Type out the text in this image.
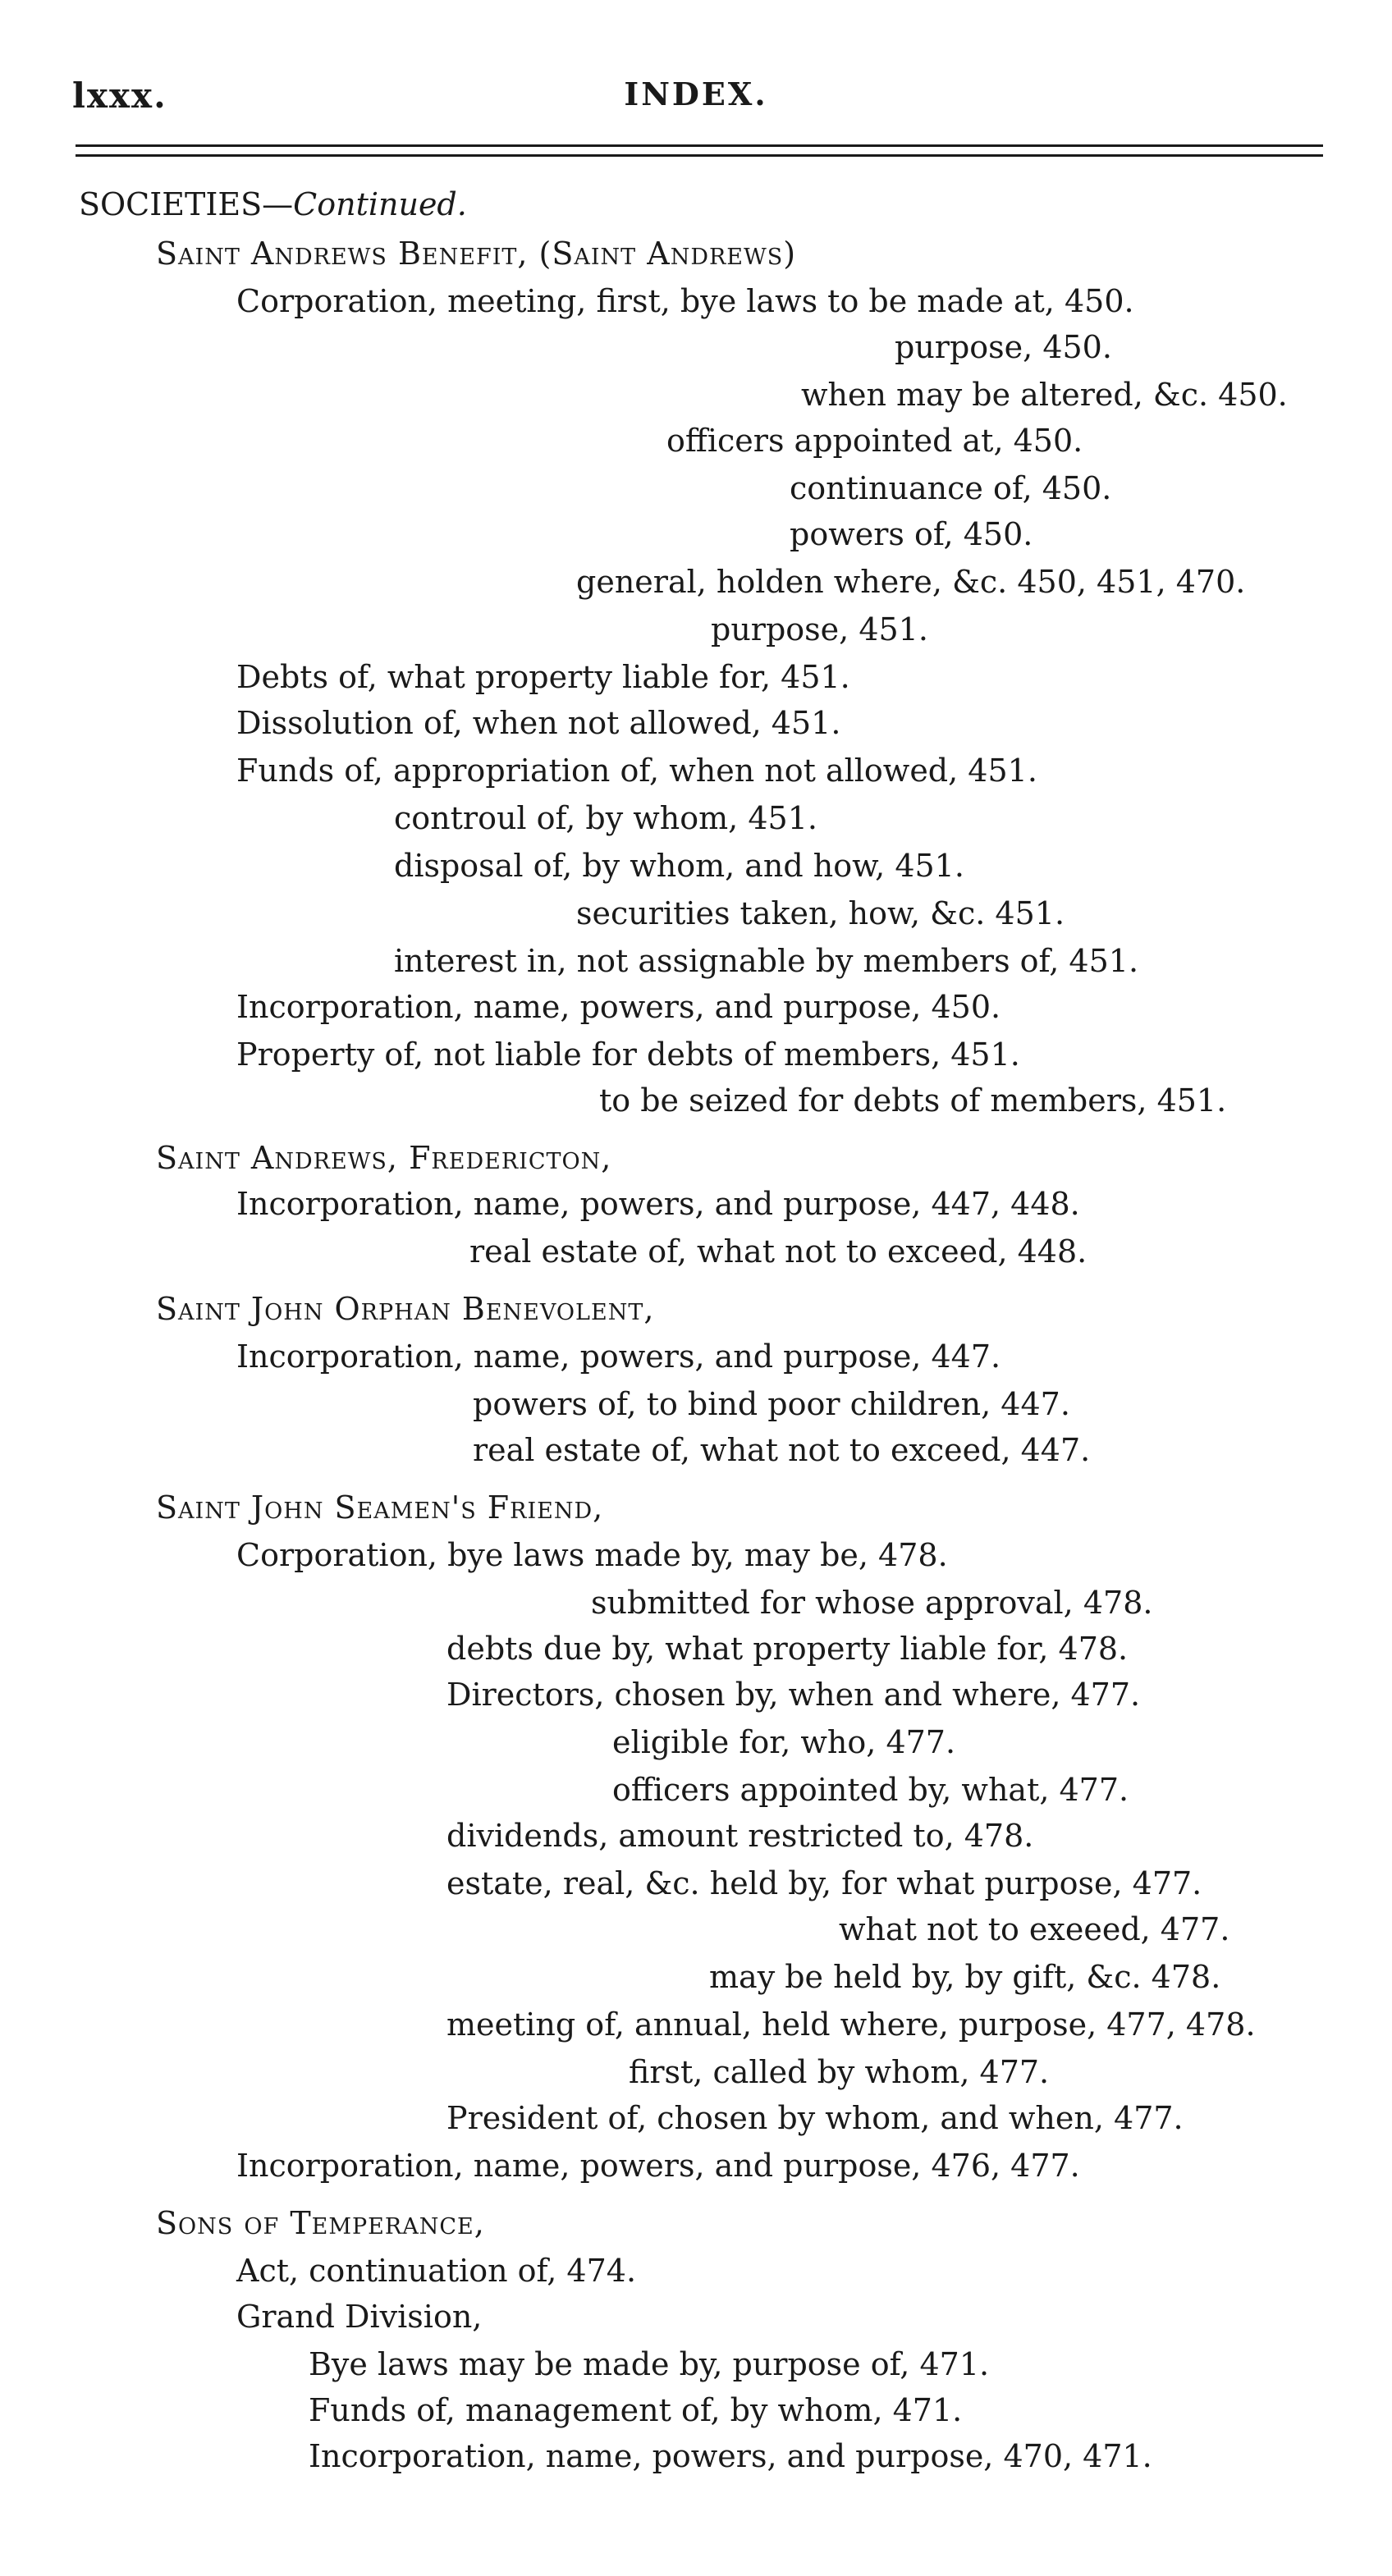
lxxx.	INDEX.
SOCIETIES—Continued.
Saint Andrews Benefit, (Saint Andrews)
Corporation, meeting, first, bye laws to be made at, 450.
purpose, 450.
when may be altered, &c. 450.
officers appointed at, 450.
continuance of, 450.
powers of, 450.
general, holden where, &c. 450, 451, 470.
purpose, 451.
Debts of, what property liable for, 451.
Dissolution of, when not allowed, 451.
Funds of, appropriation of, when not allowed, 451.
controul of, by whom, 451.
disposal of, by whom, and how, 451.
securities taken, how, &c. 451.
interest in, not assignable by members of, 451.
Incorporation, name, powers, and purpose, 450.
Property of, not liable for debts of members, 451.
to be seized for debts of members, 451.
Saint Andrews, Fredericton,
Incorporation, name, powers, and purpose, 447, 448.
real estate of, what not to exceed, 448.
Saint John Orphan Benevolent,
Incorporation, name, powers, and purpose, 447.
powers of, to bind poor children, 447.
real estate of, what not to exceed, 447.
Saint John Seamen's Friend,
Corporation, bye laws made by, may be, 478.
submitted for whose approval, 478.
debts due by, what property liable for, 478.
Directors, chosen by, when and where, 477.
eligible for, who, 477.
officers appointed by, what, 477.
dividends, amount restricted to, 478.
estate, real, &c. held by, for what purpose, 477.
what not to exeeed, 477.
may be held by, by gift, &c. 478.
meeting of, annual, held where, purpose, 477, 478.
first, called by whom, 477.
President of, chosen by whom, and when, 477.
Incorporation, name, powers, and purpose, 476, 477.
Sons of Temperance,
Act, continuation of, 474.
Grand Division,
Bye laws may be made by, purpose of, 471.
Funds of, management of, by whom, 471.
Incorporation, name, powers, and purpose, 470, 471.
